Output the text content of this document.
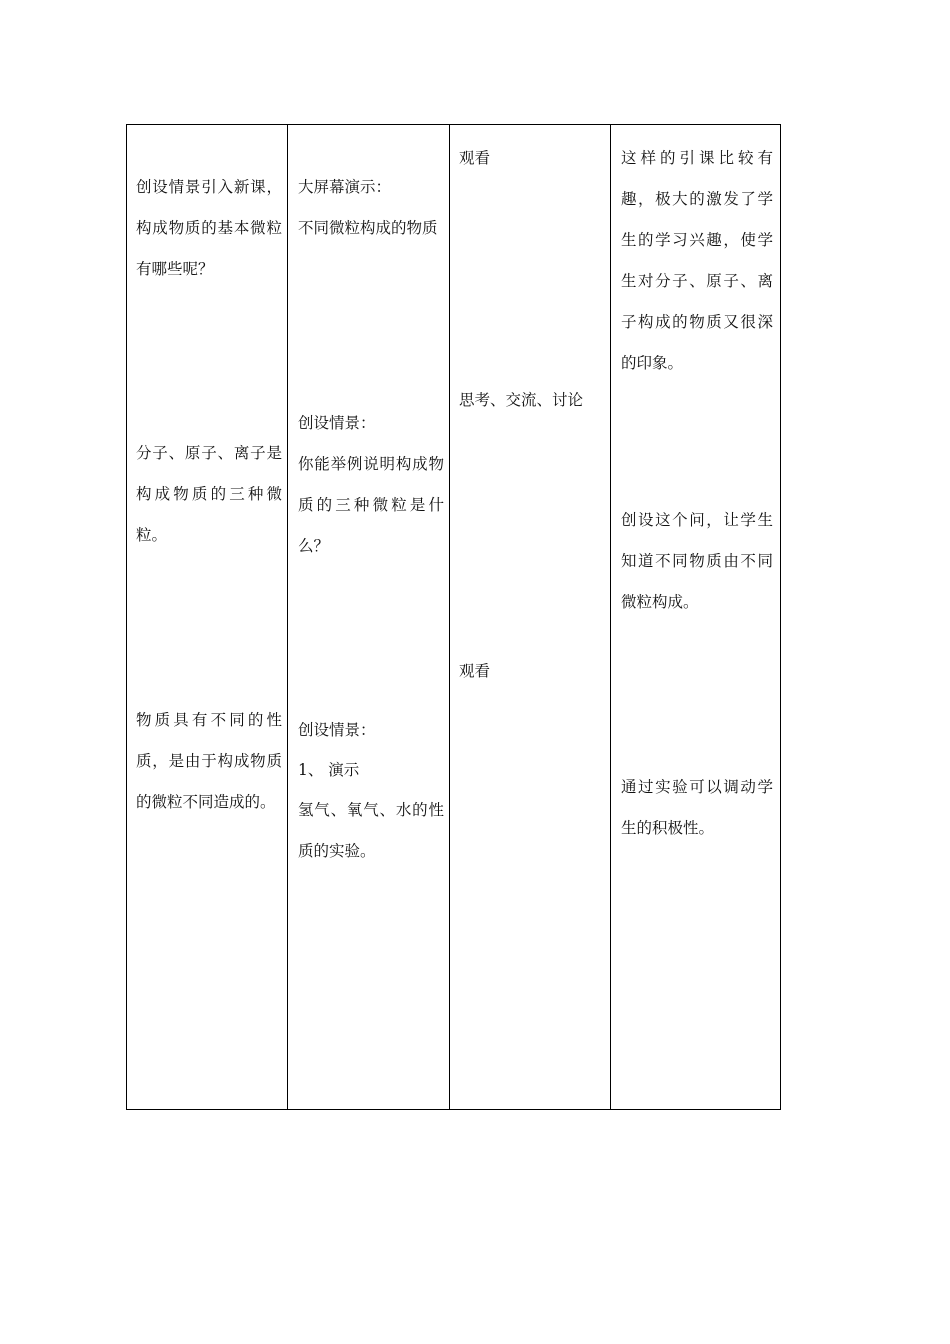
创设情景引入新课，构成物质的基本微粒有哪些呢？

分子、原子、离子是构成物质的三种微粒。

物质具有不同的性质，是由于构成物质的微粒不同造成的。

大屏幕演示：

不同微粒构成的物质

创设情景：

你能举例说明构成物质的三种微粒是什么？

创设情景：

1、 演示

氢气、氧气、水的性质的实验。

观看

思考、交流、讨论

观看

这样的引课比较有趣，极大的激发了学生的学习兴趣，使学生对分子、原子、离子构成的物质又很深的印象。

创设这个问，让学生知道不同物质由不同微粒构成。

通过实验可以调动学生的积极性。
